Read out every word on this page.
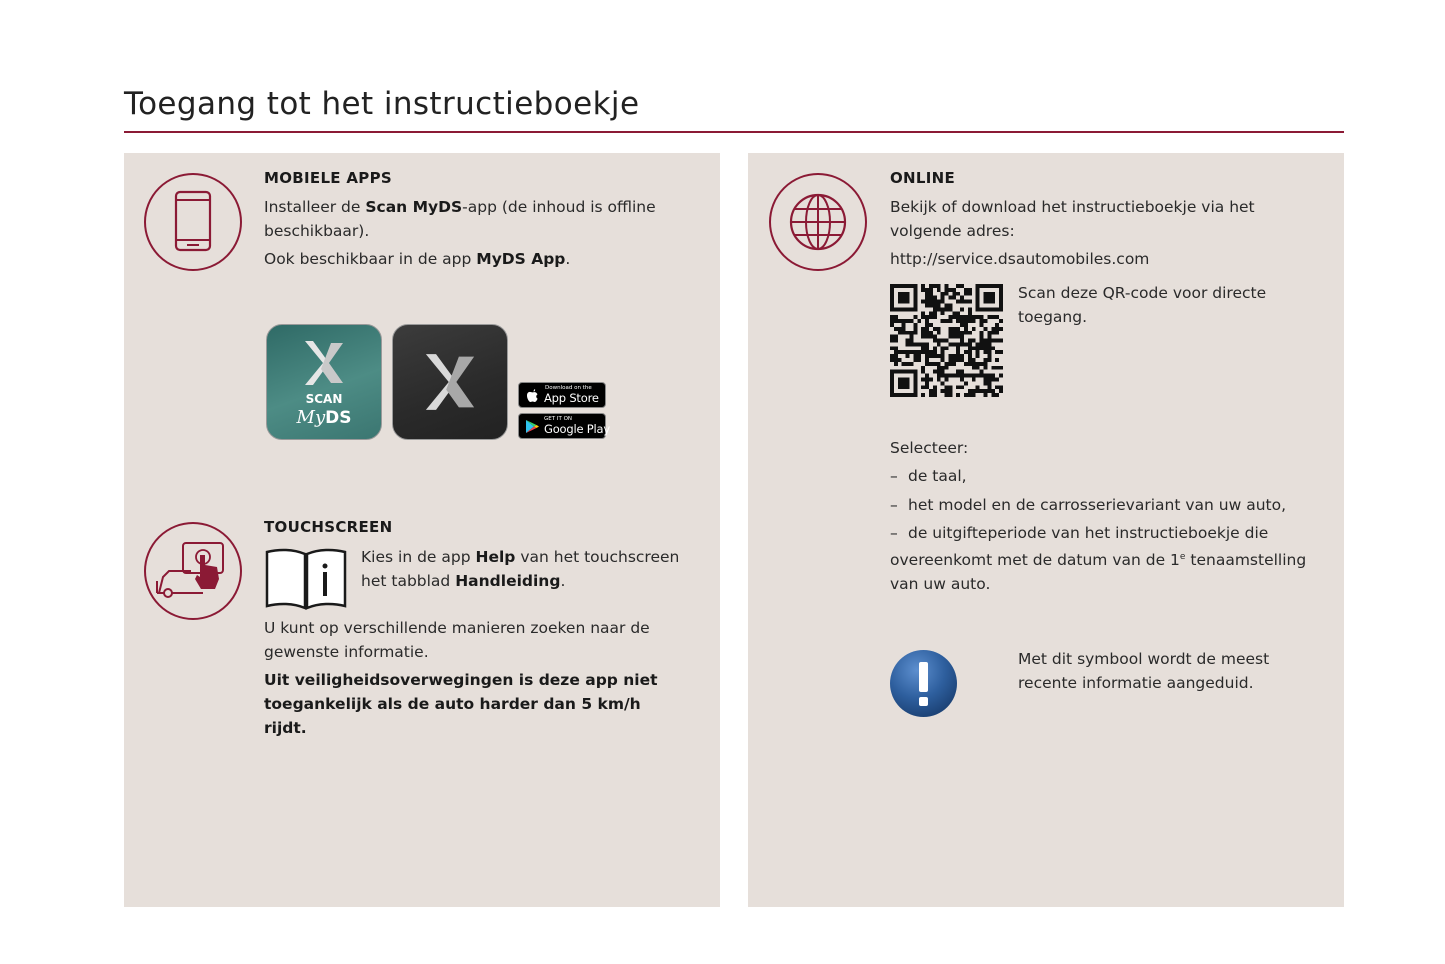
Toegang tot het instructieboekje
MOBIELE APPS
Installeer de Scan MyDS-app (de inhoud is offline beschikbaar).
Ook beschikbaar in de app MyDS App.
SCAN
MyDS
Download on the
App Store
GET IT ON
Google Play
TOUCHSCREEN
Kies in de app Help van het touchscreen het tabblad Handleiding.
U kunt op verschillende manieren zoeken naar de gewenste informatie.
Uit veiligheidsoverwegingen is deze app niet toegankelijk als de auto harder dan 5 km/h rijdt.
ONLINE
Bekijk of download het instructieboekje via het volgende adres:
http://service.dsautomobiles.com
Scan deze QR-code voor directe toegang.
Selecteer:
– de taal,
– het model en de carrosserievariant van uw auto,
– de uitgifteperiode van het instructieboekje die overeenkomt met de datum van de 1e tenaamstelling van uw auto.
Met dit symbool wordt de meest recente informatie aangeduid.
